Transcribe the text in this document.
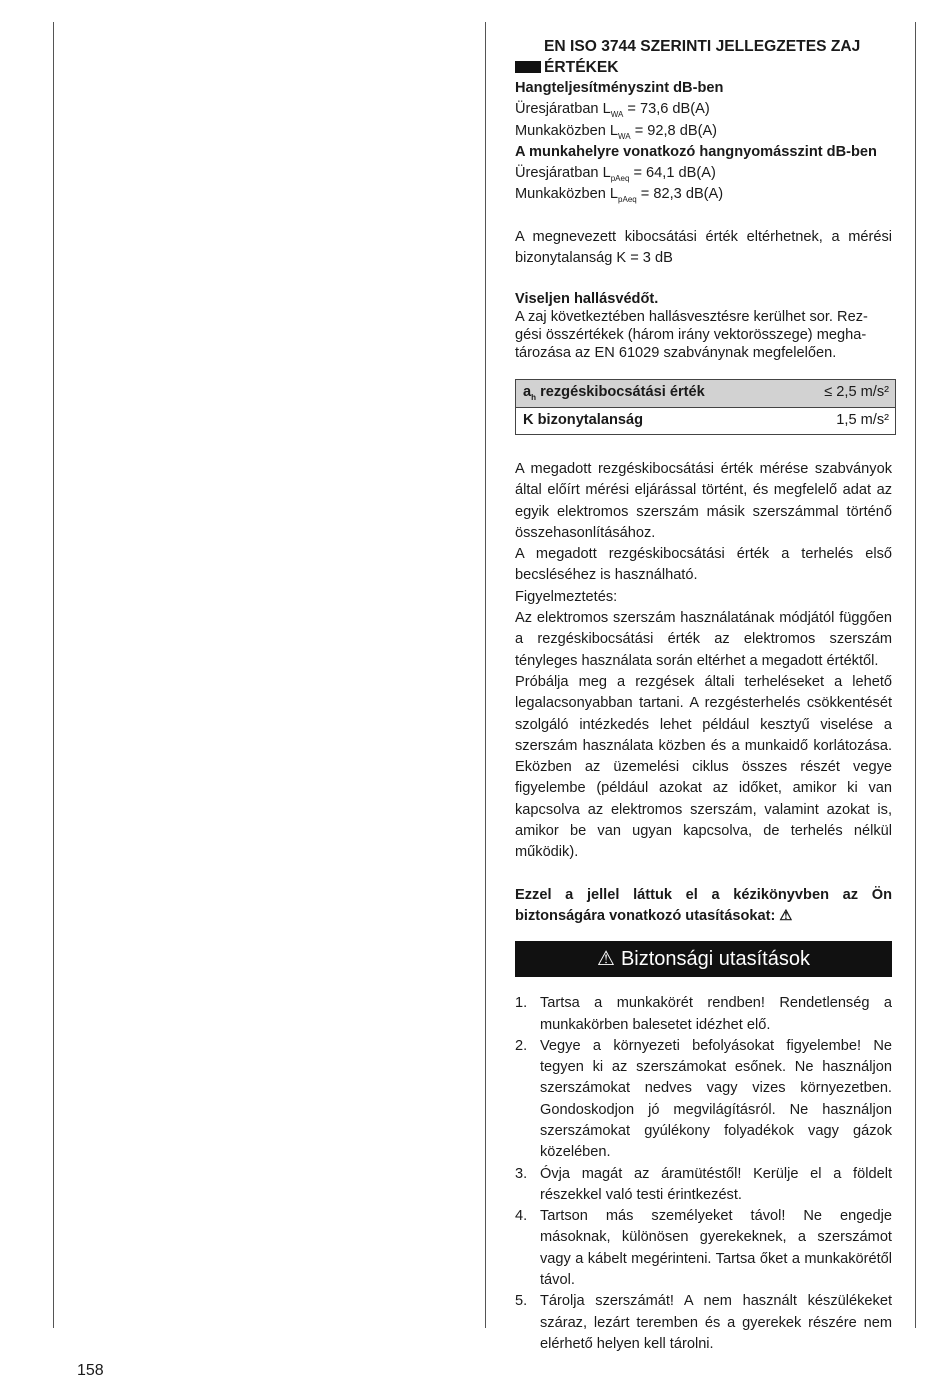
EN ISO 3744 SZERINTI JELLEGZETES ZAJ
ÉRTÉKEK

Hangteljesítményszint dB-ben

Üresjáratban $L_{WA} = 73,6$ dB(A)

Munkaközben $L_{WA} = 92,8$ dB(A)

A munkahelyre vonatkozó hangnyomásszint dB-ben

Üresjáratban $L_{pAeq} = 64,1$ dB(A)

Munkaközben $L_{pAeq} = 82,3$ dB(A)

A megnevezett kibocsátási érték eltérhetnek, a mérési bizonytalanság K = 3 dB

Viseljen hallásvédőt.

A zaj következtében hallásvesztésre kerülhet sor. Rez-

gési összértékek (három irány vektorösszege) megha-

tározása az EN 61029 szabványnak megfelelően.

$a_h$ rezgéskibocsátási érték	≤ 2,5 m/s²
K bizonytalanság	1,5 m/s²

A megadott rezgéskibocsátási érték mérése szabványok által előírt mérési eljárással történt, és megfelelő adat az egyik elektromos szerszám másik szerszámmal történő összehasonlításához.

A megadott rezgéskibocsátási érték a terhelés első becsléséhez is használható.

Figyelmeztetés:

Az elektromos szerszám használatának módjától függően a rezgéskibocsátási érték az elektromos szerszám tényleges használata során eltérhet a megadott értéktől.

Próbálja meg a rezgések általi terheléseket a lehető legalacsonyabban tartani. A rezgésterhelés csökkentését szolgáló intézkedés lehet például kesztyű viselése a szerszám használata közben és a munkaidő korlátozása. Eközben az üzemelési ciklus összes részét vegye figyelembe (például azokat az időket, amikor ki van kapcsolva az elektromos szerszám, valamint azokat is, amikor be van ugyan kapcsolva, de terhelés nélkül működik).

Ezzel a jellel láttuk el a kézikönyvben az Ön biztonságára vonatkozó utasításokat: ⚠

⚠ Biztonsági utasítások
1. Tartsa a munkakörét rendben! Rendetlenség a munkakörben balesetet idézhet elő.
2. Vegye a környezeti befolyásokat figyelembe! Ne tegyen ki az szerszámokat esőnek. Ne használjon szerszámokat nedves vagy vizes környezetben. Gondoskodjon jó megvilágításról. Ne használjon szerszámokat gyúlékony folyadékok vagy gázok közelében.
3. Óvja magát az áramütéstől! Kerülje el a földelt részekkel való testi érintkezést.
4. Tartson más személyeket távol! Ne engedje másoknak, különösen gyerekeknek, a szerszámot vagy a kábelt megérinteni. Tartsa őket a munkakörétől távol.
5. Tárolja szerszámát! A nem használt készülékeket száraz, lezárt teremben és a gyerekek részére nem elérhető helyen kell tárolni.
158
